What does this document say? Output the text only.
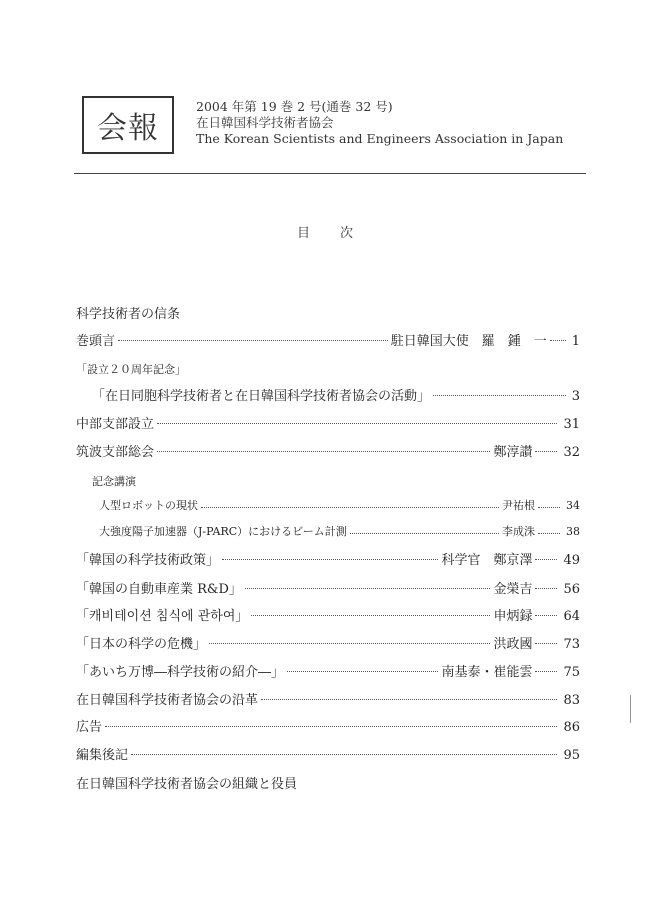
会報
2004 年第 19 巻 2 号(通巻 32 号)
在日韓国科学技術者協会
The Korean Scientists and Engineers Association in Japan
目 次
科学技術者の信条
巻頭言	駐日韓国大使　羅　鍾　一 1
「設立２０周年記念」
「在日同胞科学技術者と在日韓国科学技術者協会の活動」	3
中部支部設立	31
筑波支部総会	鄭淳讃 32
記念講演
人型ロボットの現状	尹祐根	34
大強度陽子加速器（J-PARC）におけるビーム計測	李成洙	38
「韓国の科学技術政策」	科学官　鄭京澤 49
「韓国の自動車産業 R&D」	金榮吉 56
「캐비테이션 침식에 관하여」	申炳録 64
「日本の科学の危機」	洪政國 73
「あいち万博―科学技術の紹介―」	南基泰・崔能雲 75
在日韓国科学技術者協会の沿革	83
広告	86
編集後記	95
在日韓国科学技術者協会の組織と役員
